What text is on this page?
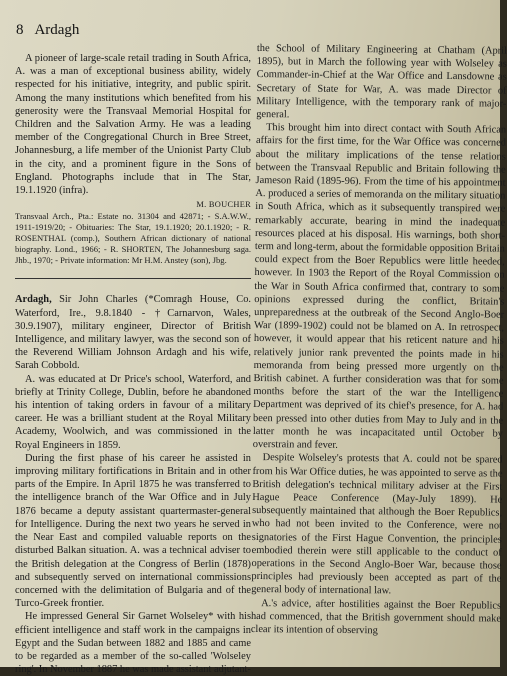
8 Ardagh

A pioneer of large-scale retail trading in South Africa, A. was a man of exceptional business ability, widely respected for his initiative, integrity, and public spirit. Among the many institutions which benefited from his generosity were the Transvaal Memorial Hospital for Children and the Salvation Army. He was a leading member of the Congregational Church in Bree Street, Johannesburg, a life member of the Unionist Party Club in the city, and a prominent figure in the Sons of England. Photographs include that in The Star, 19.1.1920 (infra).

M. BOUCHER

Transvaal Arch., Pta.: Estate no. 31304 and 42871; - S.A.W.W., 1911-1919/20; - Obituaries: The Star, 19.1.1920; 20.1.1920; - R. ROSENTHAL (comp.), Southern African dictionary of national biography. Lond., 1966; - R. SHORTEN, The Johannesburg saga. Jhb., 1970; - Private information: Mr H.M. Anstey (son), Jbg.

Ardagh, Sir John Charles (*Comragh House, Co. Waterford, Ire., 9.8.1840 - †Carnarvon, Wales, 30.9.1907), military engineer, Director of British Intelligence, and military lawyer, was the second son of the Reverend William Johnson Ardagh and his wife, Sarah Cobbold.

A. was educated at Dr Price's school, Waterford, and briefly at Trinity College, Dublin, before he abandoned his intention of taking orders in favour of a military career. He was a brilliant student at the Royal Military Academy, Woolwich, and was commissioned in the Royal Engineers in 1859.

During the first phase of his career he assisted in improving military fortifications in Britain and in other parts of the Empire. In April 1875 he was transferred to the intelligence branch of the War Office and in July 1876 became a deputy assistant quartermaster-general for Intelligence. During the next two years he served in the Near East and compiled valuable reports on the disturbed Balkan situation. A. was a technical adviser to the British delegation at the Congress of Berlin (1878) and subsequently served on international commissions concerned with the delimitation of Bulgaria and of the Turco-Greek frontier.

He impressed General Sir Garnet Wolseley* with his efficient intelligence and staff work in the campaigns in Egypt and the Sudan between 1882 and 1885 and came to be regarded as a member of the so-called 'Wolseley ring'. In November 1887 he was made assistant adjutant-

the School of Military Engineering at Chatham (April 1895), but in March the following year with Wolseley as Commander-in-Chief at the War Office and Lansdowne as Secretary of State for War, A. was made Director of Military Intelligence, with the temporary rank of major-general.

This brought him into direct contact with South African affairs for the first time, for the War Office was concerned about the military implications of the tense relations between the Transvaal Republic and Britain following the Jameson Raid (1895-96). From the time of his appointment A. produced a series of memoranda on the military situation in South Africa, which as it subsequently transpired were remarkably accurate, bearing in mind the inadequate resources placed at his disposal. His warnings, both short-term and long-term, about the formidable opposition Britain could expect from the Boer Republics were little heeded, however. In 1903 the Report of the Royal Commission on the War in South Africa confirmed that, contrary to some opinions expressed during the conflict, Britain's unpreparedness at the outbreak of the Second Anglo-Boer War (1899-1902) could not be blamed on A. In retrospect, however, it would appear that his reticent nature and his relatively junior rank prevented the points made in his memoranda from being pressed more urgently on the British cabinet. A further consideration was that for some months before the start of the war the Intelligence Department was deprived of its chief's presence, for A. had been pressed into other duties from May to July and in the latter month he was incapacitated until October by overstrain and fever.

Despite Wolseley's protests that A. could not be spared from his War Office duties, he was appointed to serve as the British delegation's technical military adviser at the First Hague Peace Conference (May-July 1899). He subsequently maintained that although the Boer Republics, who had not been invited to the Conference, were not signatories of the First Hague Convention, the principles embodied therein were still applicable to the conduct of operations in the Second Anglo-Boer War, because those principles had previously been accepted as part of the general body of international law.

A.'s advice, after hostilities against the Boer Republics had commenced, that the British government should make clear its intention of observing
